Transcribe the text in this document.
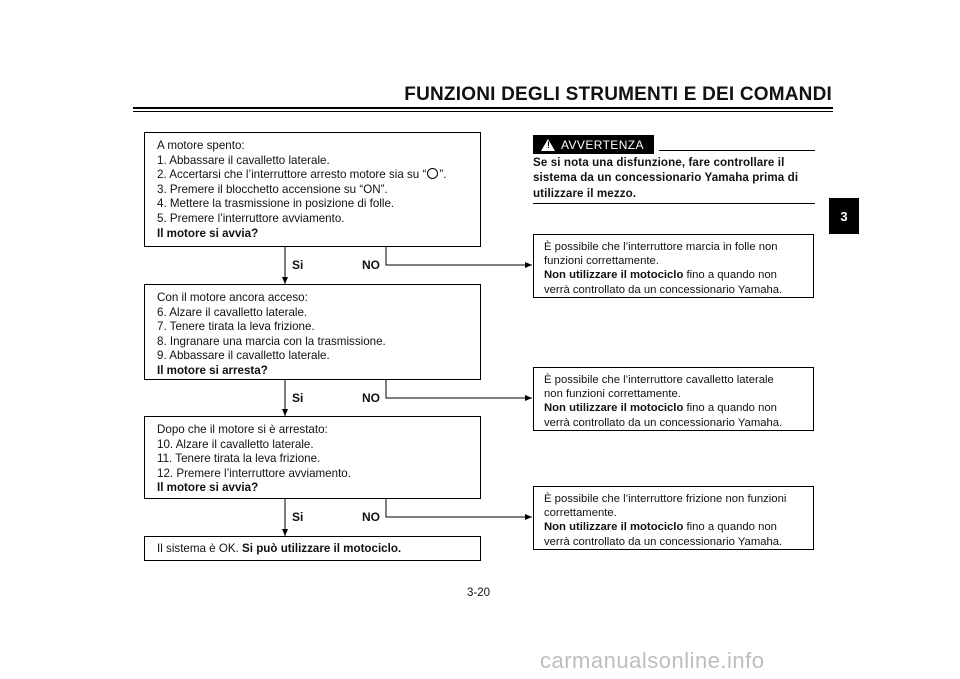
FUNZIONI DEGLI STRUMENTI E DEI COMANDI
3
A motore spento:
1. Abbassare il cavalletto laterale.
2. Accertarsi che l’interruttore arresto motore sia su “ ”.
3. Premere il blocchetto accensione su “ON”.
4. Mettere la trasmissione in posizione di folle.
5. Premere l’interruttore avviamento.
Il motore si avvia?
Con il motore ancora acceso:
6. Alzare il cavalletto laterale.
7. Tenere tirata la leva frizione.
8. Ingranare una marcia con la trasmissione.
9. Abbassare il cavalletto laterale.
Il motore si arresta?
Dopo che il motore si è arrestato:
10. Alzare il cavalletto laterale.
11. Tenere tirata la leva frizione.
12. Premere l’interruttore avviamento.
Il motore si avvia?
Il sistema è OK. Si può utilizzare il motociclo.
Si	NO
Si	NO
Si	NO
! AVVERTENZA
Se si nota una disfunzione, fare controllare il
sistema da un concessionario Yamaha prima di
utilizzare il mezzo.
È possibile che l’interruttore marcia in folle non
funzioni correttamente.
Non utilizzare il motociclo fino a quando non
verrà controllato da un concessionario Yamaha.
È possibile che l’interruttore cavalletto laterale
non funzioni correttamente.
Non utilizzare il motociclo fino a quando non
verrà controllato da un concessionario Yamaha.
È possibile che l’interruttore frizione non funzioni
correttamente.
Non utilizzare il motociclo fino a quando non
verrà controllato da un concessionario Yamaha.
3-20
carmanualsonline.info
